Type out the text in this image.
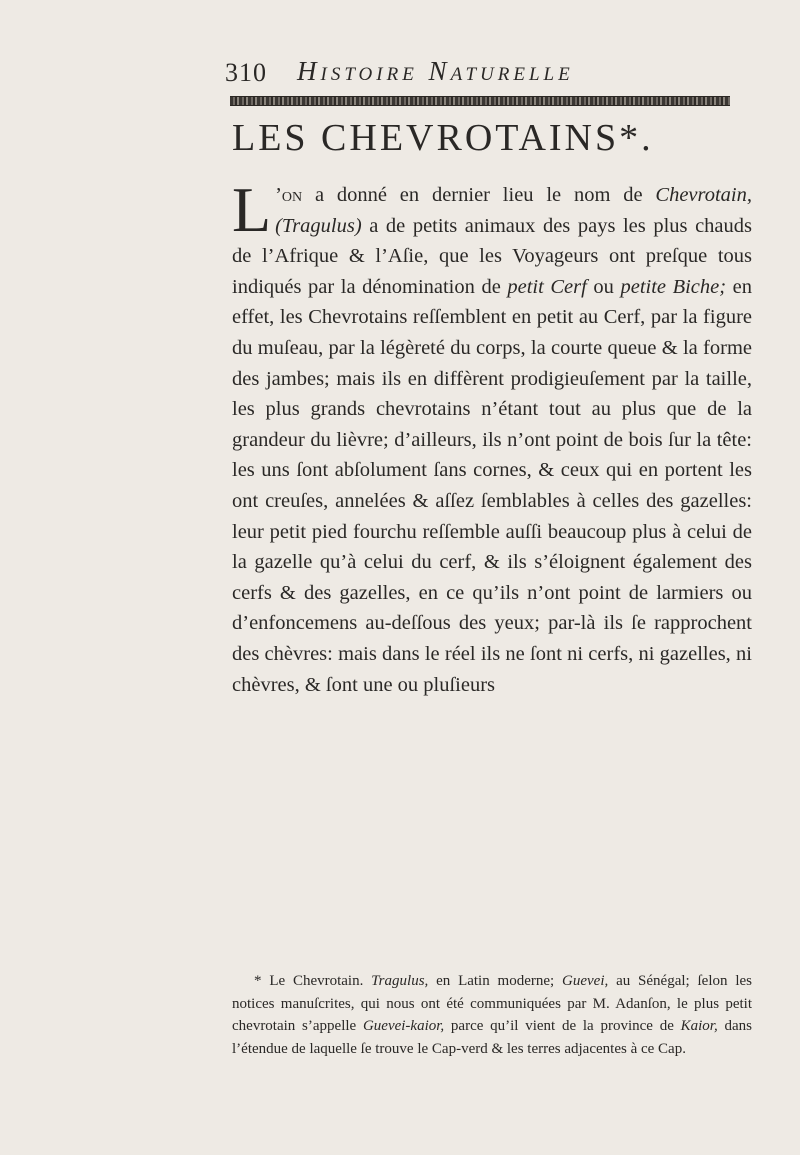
310 Histoire Naturelle
LES CHEVROTAINS*.
L ’on a donné en dernier lieu le nom de Chevrotain, (Tragulus) a de petits animaux des pays les plus chauds de l’Afrique & l’Aſie, que les Voyageurs ont preſque tous indiqués par la dénomination de petit Cerf ou petite Biche; en effet, les Chevrotains reſſemblent en petit au Cerf, par la figure du muſeau, par la légèreté du corps, la courte queue & la forme des jambes; mais ils en diffèrent prodigieuſement par la taille, les plus grands chevrotains n’étant tout au plus que de la grandeur du lièvre; d’ailleurs, ils n’ont point de bois ſur la tête: les uns ſont abſolument ſans cornes, & ceux qui en portent les ont creuſes, annelées & aſſez ſemblables à celles des gazelles: leur petit pied fourchu reſſemble auſſi beaucoup plus à celui de la gazelle qu’à celui du cerf, & ils s’éloignent également des cerfs & des gazelles, en ce qu’ils n’ont point de larmiers ou d’enfoncemens au-deſſous des yeux; par-là ils ſe rapprochent des chèvres: mais dans le réel ils ne ſont ni cerfs, ni gazelles, ni chèvres, & ſont une ou pluſieurs
* Le Chevrotain. Tragulus, en Latin moderne; Guevei, au Sénégal; ſelon les notices manuſcrites, qui nous ont été communiquées par M. Adanſon, le plus petit chevrotain s’appelle Guevei-kaior, parce qu’il vient de la province de Kaior, dans l’étendue de laquelle ſe trouve le Cap-verd & les terres adjacentes à ce Cap.
